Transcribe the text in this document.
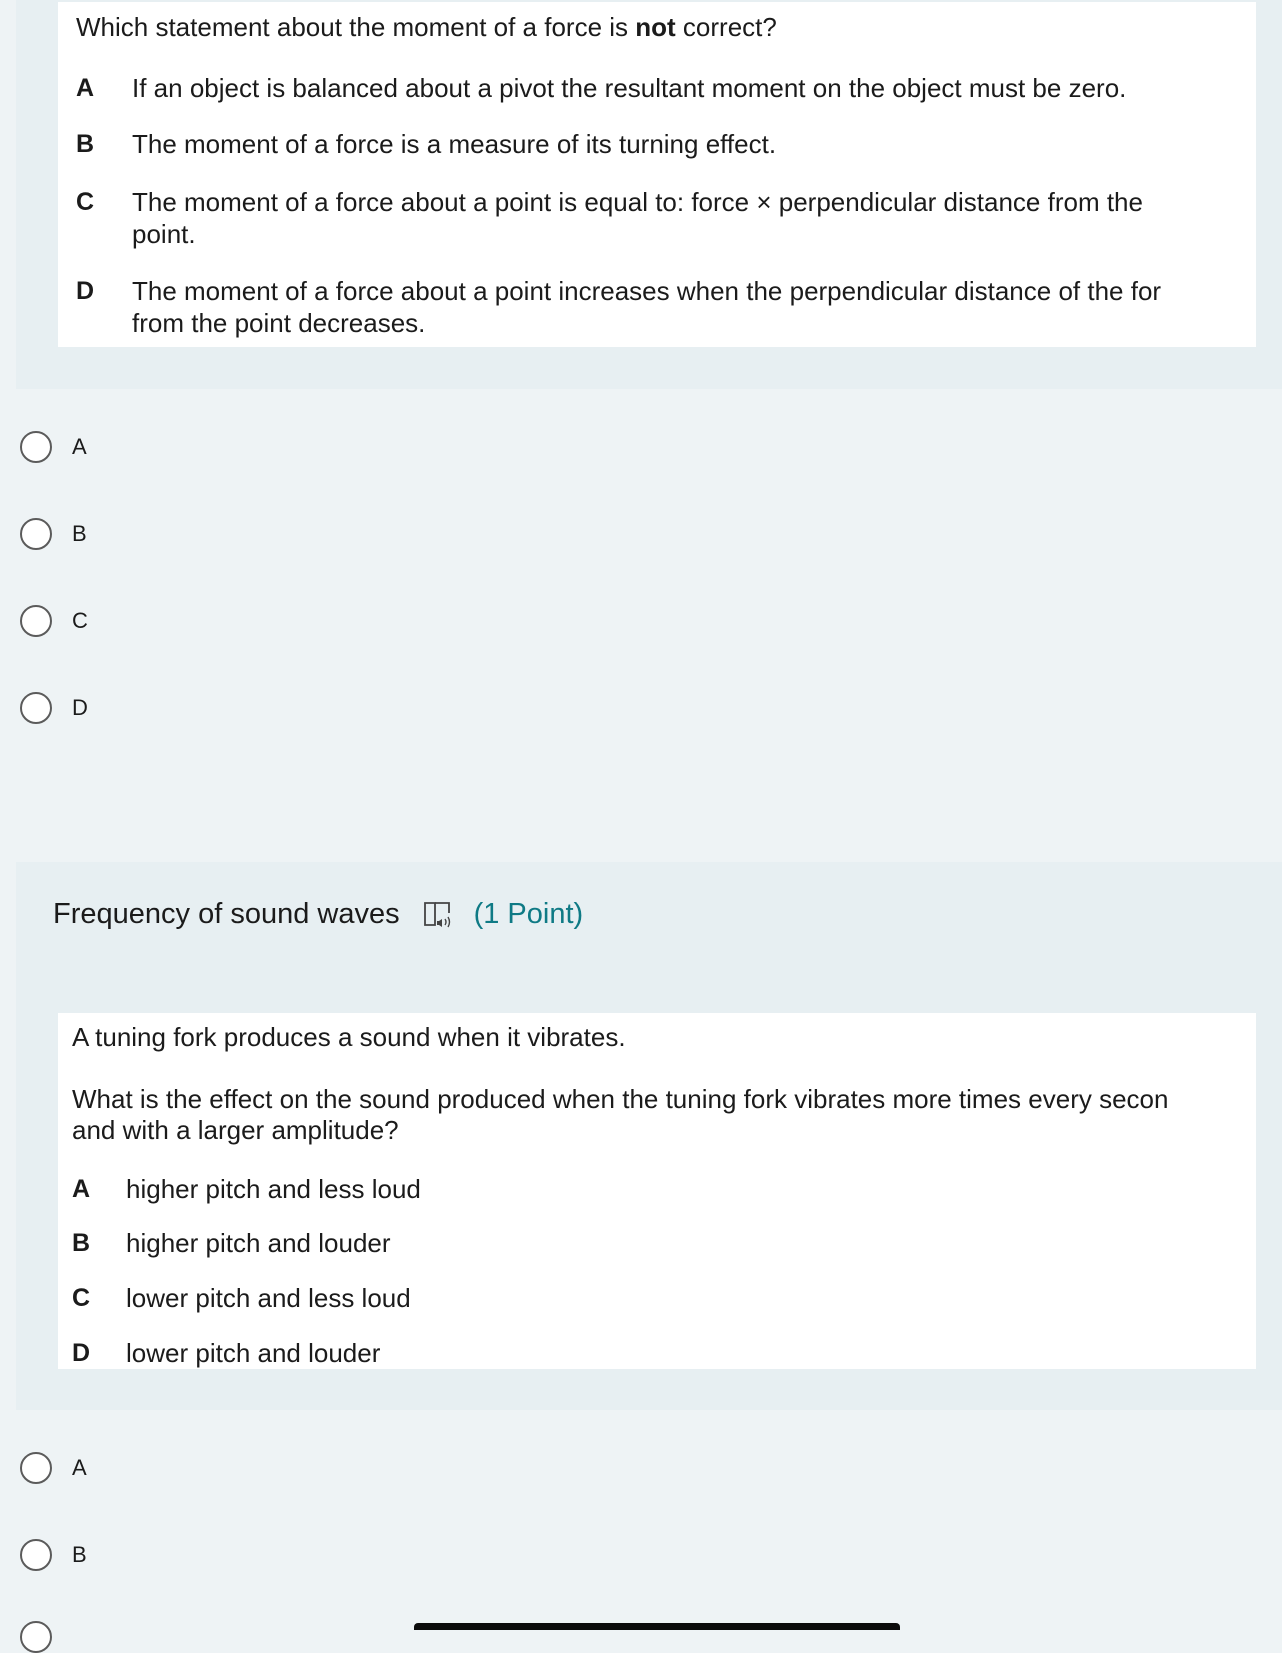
Which statement about the moment of a force is not correct?
A If an object is balanced about a pivot the resultant moment on the object must be zero.
B The moment of a force is a measure of its turning effect.
C The moment of a force about a point is equal to: force × perpendicular distance from the
point.
D The moment of a force about a point increases when the perpendicular distance of the for
from the point decreases.
A
B
C
D
Frequency of sound waves	(1 Point)
A tuning fork produces a sound when it vibrates.
What is the effect on the sound produced when the tuning fork vibrates more times every secon
and with a larger amplitude?
A higher pitch and less loud
B higher pitch and louder
C lower pitch and less loud
D lower pitch and louder
A
B
